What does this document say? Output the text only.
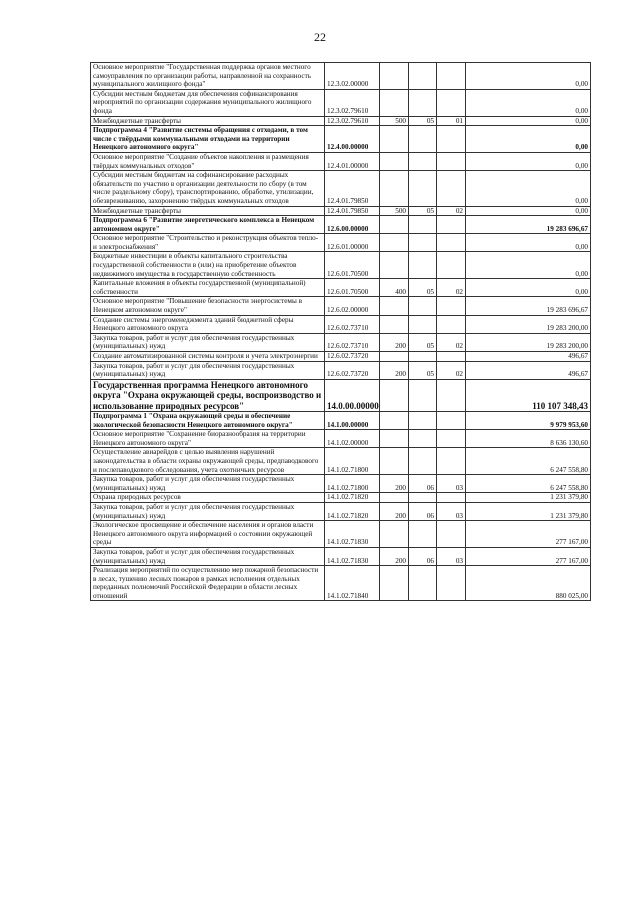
22
Основное мероприятие "Государственная поддержка органов местного самоуправления по организации работы, направленной на сохранность муниципального жилищного фонда"	12.3.02.00000				0,00
Субсидии местным бюджетам для обеспечения софинансирования мероприятий по организации содержания муниципального жилищного фонда	12.3.02.79610				0,00
Межбюджетные трансферты	12.3.02.79610	500	05	01	0,00
Подпрограмма 4 "Развитие системы обращения с отходами, в том числе с твёрдыми коммунальными отходами на территории Ненецкого автономного округа"	12.4.00.00000				0,00
Основное мероприятие "Создание объектов накопления и размещения твёрдых коммунальных отходов"	12.4.01.00000				0,00
Субсидии местным бюджетам на софинансирование расходных обязательств по участию в организации деятельности по сбору (в том числе раздельному сбору), транспортированию, обработке, утилизации, обезвреживанию, захоронению твёрдых коммунальных отходов	12.4.01.79850				0,00
Межбюджетные трансферты	12.4.01.79850	500	05	02	0,00
Подпрограмма 6 "Развитие энергетического комплекса в Ненецком автономном округе"	12.6.00.00000				19 283 696,67
Основное мероприятие "Строительство и реконструкция объектов тепло- и электроснабжения"	12.6.01.00000				0,00
Бюджетные инвестиции в объекты капитального строительства государственной собственности в (или) на приобретение объектов недвижимого имущества в государственную собственность	12.6.01.70500				0,00
Капитальные вложения в объекты государственной (муниципальной) собственности	12.6.01.70500	400	05	02	0,00
Основное мероприятие "Повышение безопасности энергосистемы в Ненецком автономном округе"	12.6.02.00000				19 283 696,67
Создание системы энергоменеджмента зданий бюджетной сферы Ненецкого автономного округа	12.6.02.73710				19 283 200,00
Закупка товаров, работ и услуг для обеспечения государственных (муниципальных) нужд	12.6.02.73710	200	05	02	19 283 200,00
Создание автоматизированной системы контроля и учета электроэнергии	12.6.02.73720				496,67
Закупка товаров, работ и услуг для обеспечения государственных (муниципальных) нужд	12.6.02.73720	200	05	02	496,67
Государственная программа Ненецкого автономного округа "Охрана окружающей среды, воспроизводство и использование природных ресурсов"	14.0.00.00000				110 107 348,43
Подпрограмма 1 "Охрана окружающей среды и обеспечение экологической безопасности Ненецкого автономного округа"	14.1.00.00000				9 979 953,60
Основное мероприятие "Сохранение биоразнообразия на территории Ненецкого автономного округа"	14.1.02.00000				8 636 130,60
Осуществление авиарейдов с целью выявления нарушений законодательства в области охраны окружающей среды, предпаводкового и послепаводкового обследования, учета охотничьих ресурсов	14.1.02.71800				6 247 558,80
Закупка товаров, работ и услуг для обеспечения государственных (муниципальных) нужд	14.1.02.71800	200	06	03	6 247 558,80
Охрана природных ресурсов	14.1.02.71820				1 231 379,80
Закупка товаров, работ и услуг для обеспечения государственных (муниципальных) нужд	14.1.02.71820	200	06	03	1 231 379,80
Экологическое просвещение и обеспечение населения и органов власти Ненецкого автономного округа информацией о состоянии окружающей среды	14.1.02.71830				277 167,00
Закупка товаров, работ и услуг для обеспечения государственных (муниципальных) нужд	14.1.02.71830	200	06	03	277 167,00
Реализация мероприятий по осуществлению мер пожарной безопасности в лесах, тушению лесных пожаров в рамках исполнения отдельных переданных полномочий Российской Федерации в области лесных отношений	14.1.02.71840				880 025,00
